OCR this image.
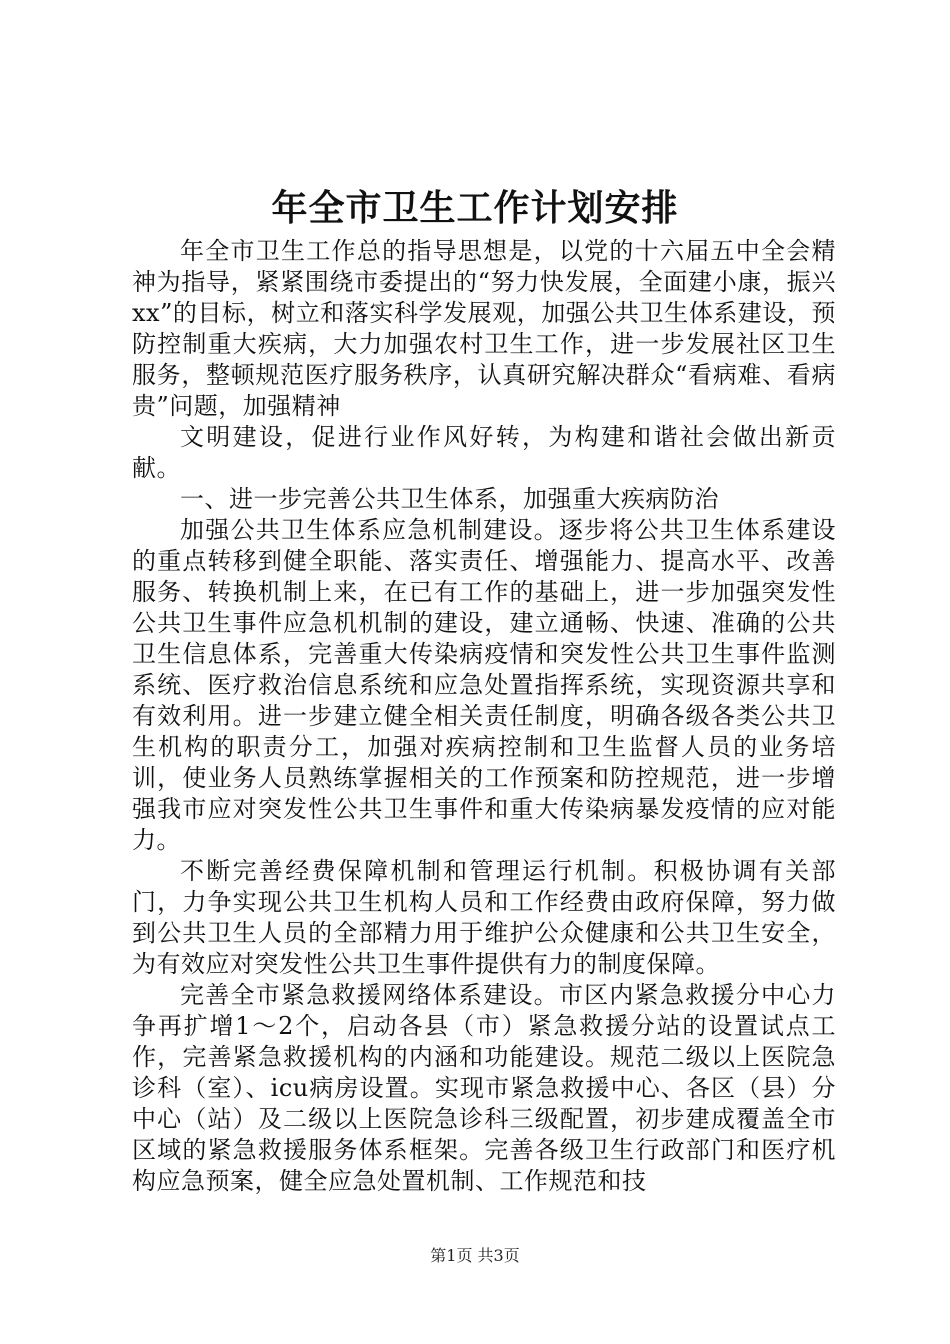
年全市卫生工作计划安排

年全市卫生工作总的指导思想是，以党的十六届五中全会精神为指导，紧紧围绕市委提出的“努力快发展，全面建小康，振兴xx”的目标，树立和落实科学发展观，加强公共卫生体系建设，预防控制重大疾病，大力加强农村卫生工作，进一步发展社区卫生服务，整顿规范医疗服务秩序，认真研究解决群众“看病难、看病贵”问题，加强精神

文明建设，促进行业作风好转，为构建和谐社会做出新贡献。

一、进一步完善公共卫生体系，加强重大疾病防治

加强公共卫生体系应急机制建设。逐步将公共卫生体系建设的重点转移到健全职能、落实责任、增强能力、提高水平、改善服务、转换机制上来，在已有工作的基础上，进一步加强突发性公共卫生事件应急机机制的建设，建立通畅、快速、准确的公共卫生信息体系，完善重大传染病疫情和突发性公共卫生事件监测系统、医疗救治信息系统和应急处置指挥系统，实现资源共享和有效利用。进一步建立健全相关责任制度，明确各级各类公共卫生机构的职责分工，加强对疾病控制和卫生监督人员的业务培训，使业务人员熟练掌握相关的工作预案和防控规范，进一步增强我市应对突发性公共卫生事件和重大传染病暴发疫情的应对能力。

不断完善经费保障机制和管理运行机制。积极协调有关部门，力争实现公共卫生机构人员和工作经费由政府保障，努力做到公共卫生人员的全部精力用于维护公众健康和公共卫生安全，为有效应对突发性公共卫生事件提供有力的制度保障。

完善全市紧急救援网络体系建设。市区内紧急救援分中心力争再扩增1～2个，启动各县（市）紧急救援分站的设置试点工作，完善紧急救援机构的内涵和功能建设。规范二级以上医院急诊科（室）、icu病房设置。实现市紧急救援中心、各区（县）分中心（站）及二级以上医院急诊科三级配置，初步建成覆盖全市区域的紧急救援服务体系框架。完善各级卫生行政部门和医疗机构应急预案，健全应急处置机制、工作规范和技

第1页 共3页
